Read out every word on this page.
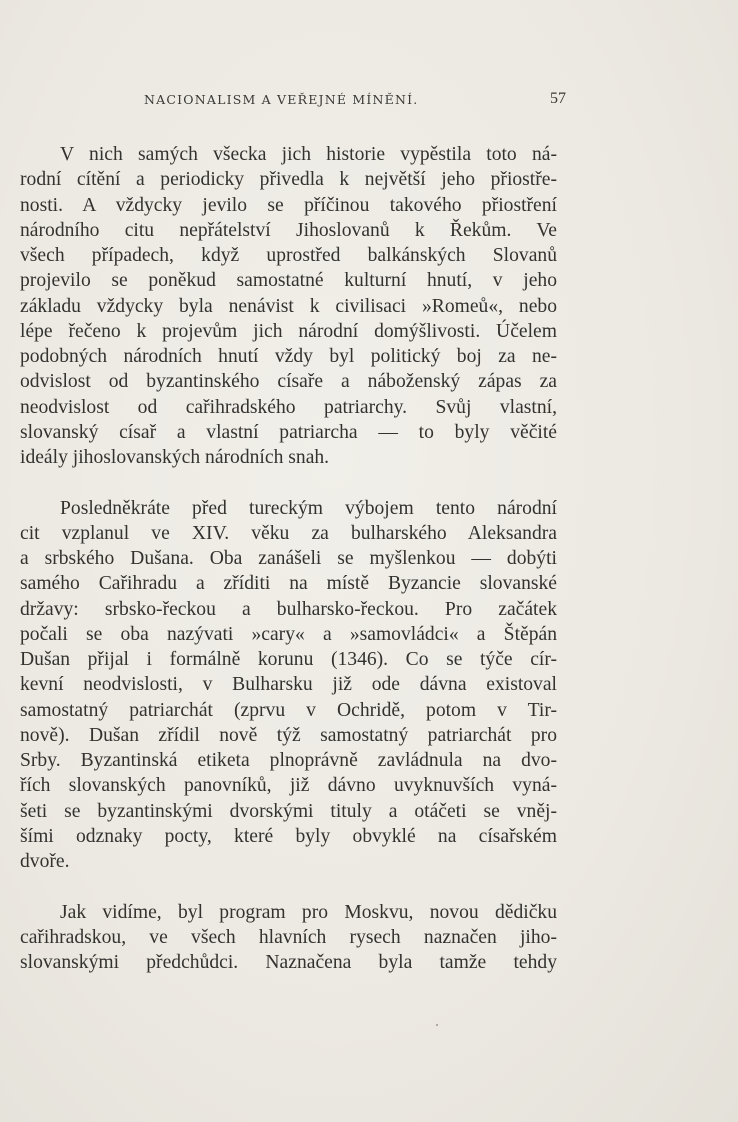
NACIONALISM A VEŘEJNÉ MÍNĚNÍ.	57

V nich samých všecka jich historie vypěstila toto ná-
rodní cítění a periodicky přivedla k největší jeho přiostře-
nosti. A vždycky jevilo se příčinou takového přiostření
národního citu nepřátelství Jihoslovanů k Řekům. Ve
všech případech, když uprostřed balkánských Slovanů
projevilo se poněkud samostatné kulturní hnutí, v jeho
základu vždycky byla nenávist k civilisaci »Romeů«, nebo
lépe řečeno k projevům jich národní domýšlivosti. Účelem
podobných národních hnutí vždy byl politický boj za ne-
odvislost od byzantinského císaře a náboženský zápas za
neodvislost od cařihradského patriarchy. Svůj vlastní,
slovanský císař a vlastní patriarcha — to byly věčité
ideály jihoslovanských národních snah.

Posledněkráte před tureckým výbojem tento národní
cit vzplanul ve XIV. věku za bulharského Aleksandra
a srbského Dušana. Oba zanášeli se myšlenkou — dobýti
samého Cařihradu a zříditi na místě Byzancie slovanské
državy: srbsko-řeckou a bulharsko-řeckou. Pro začátek
počali se oba nazývati »cary« a »samovládci« a Štěpán
Dušan přijal i formálně korunu (1346). Co se týče cír-
kevní neodvislosti, v Bulharsku již ode dávna existoval
samostatný patriarchát (zprvu v Ochridě, potom v Tir-
nově). Dušan zřídil nově týž samostatný patriarchát pro
Srby. Byzantinská etiketa plnoprávně zavládnula na dvo-
řích slovanských panovníků, již dávno uvyknuvších vyná-
šeti se byzantinskými dvorskými tituly a otáčeti se vněj-
šími odznaky pocty, které byly obvyklé na císařském
dvoře.

Jak vidíme, byl program pro Moskvu, novou dědičku
cařihradskou, ve všech hlavních rysech naznačen jiho-
slovanskými předchůdci. Naznačena byla tamže tehdy
